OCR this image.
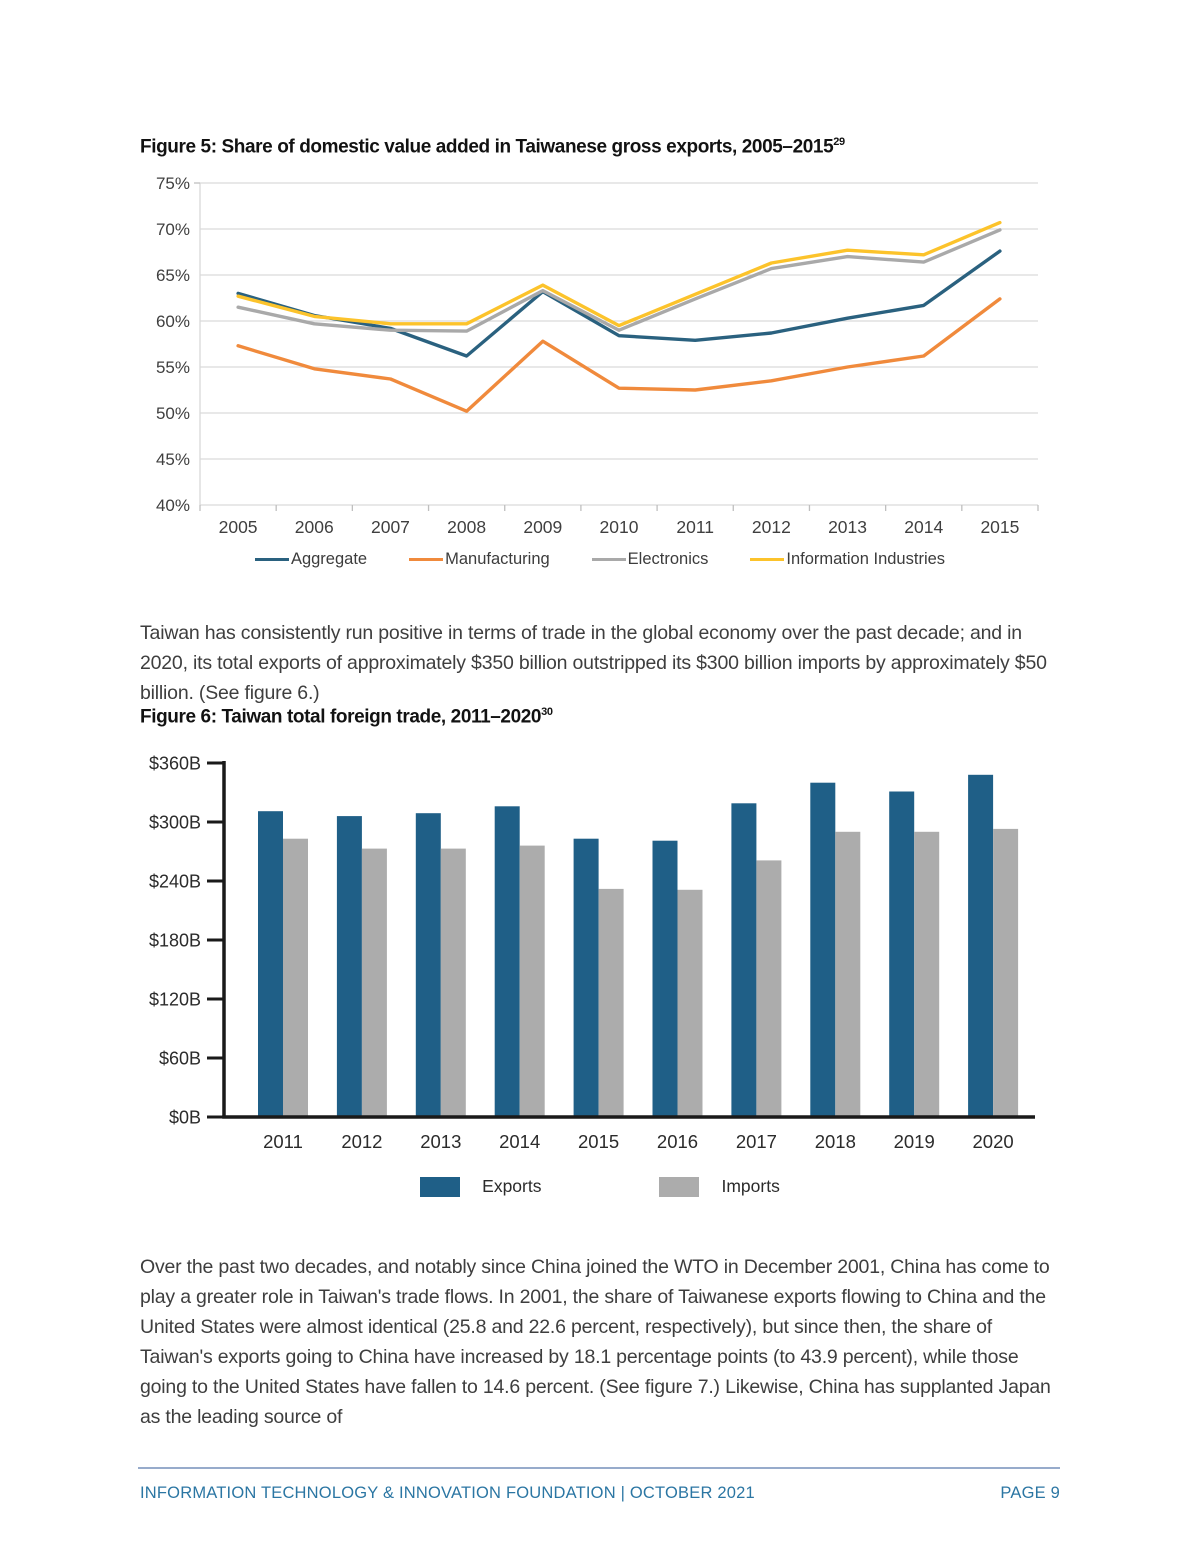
Figure 5: Share of domestic value added in Taiwanese gross exports, 2005–2015$^{29}$
40%
45%
50%
55%
60%
65%
70%
75%
2005 2006 2007 2008 2009 2010 2011 2012 2013 2014 2015
Aggregate	Manufacturing	Electronics	Information Industries

Taiwan has consistently run positive in terms of trade in the global economy over the past decade; and in 2020, its total exports of approximately $350 billion outstripped its $300 billion imports by approximately $50 billion. (See figure 6.)

Figure 6: Taiwan total foreign trade, 2011–2020$^{30}$
$0B
$60B
$120B
$180B
$240B
$300B
$360B
2011 2012 2013 2014 2015 2016 2017 2018 2019 2020
Exports	Imports

Over the past two decades, and notably since China joined the WTO in December 2001, China has come to play a greater role in Taiwan's trade flows. In 2001, the share of Taiwanese exports flowing to China and the United States were almost identical (25.8 and 22.6 percent, respectively), but since then, the share of Taiwan's exports going to China have increased by 18.1 percentage points (to 43.9 percent), while those going to the United States have fallen to 14.6 percent. (See figure 7.) Likewise, China has supplanted Japan as the leading source of

INFORMATION TECHNOLOGY & INNOVATION FOUNDATION | OCTOBER 2021	PAGE 9
